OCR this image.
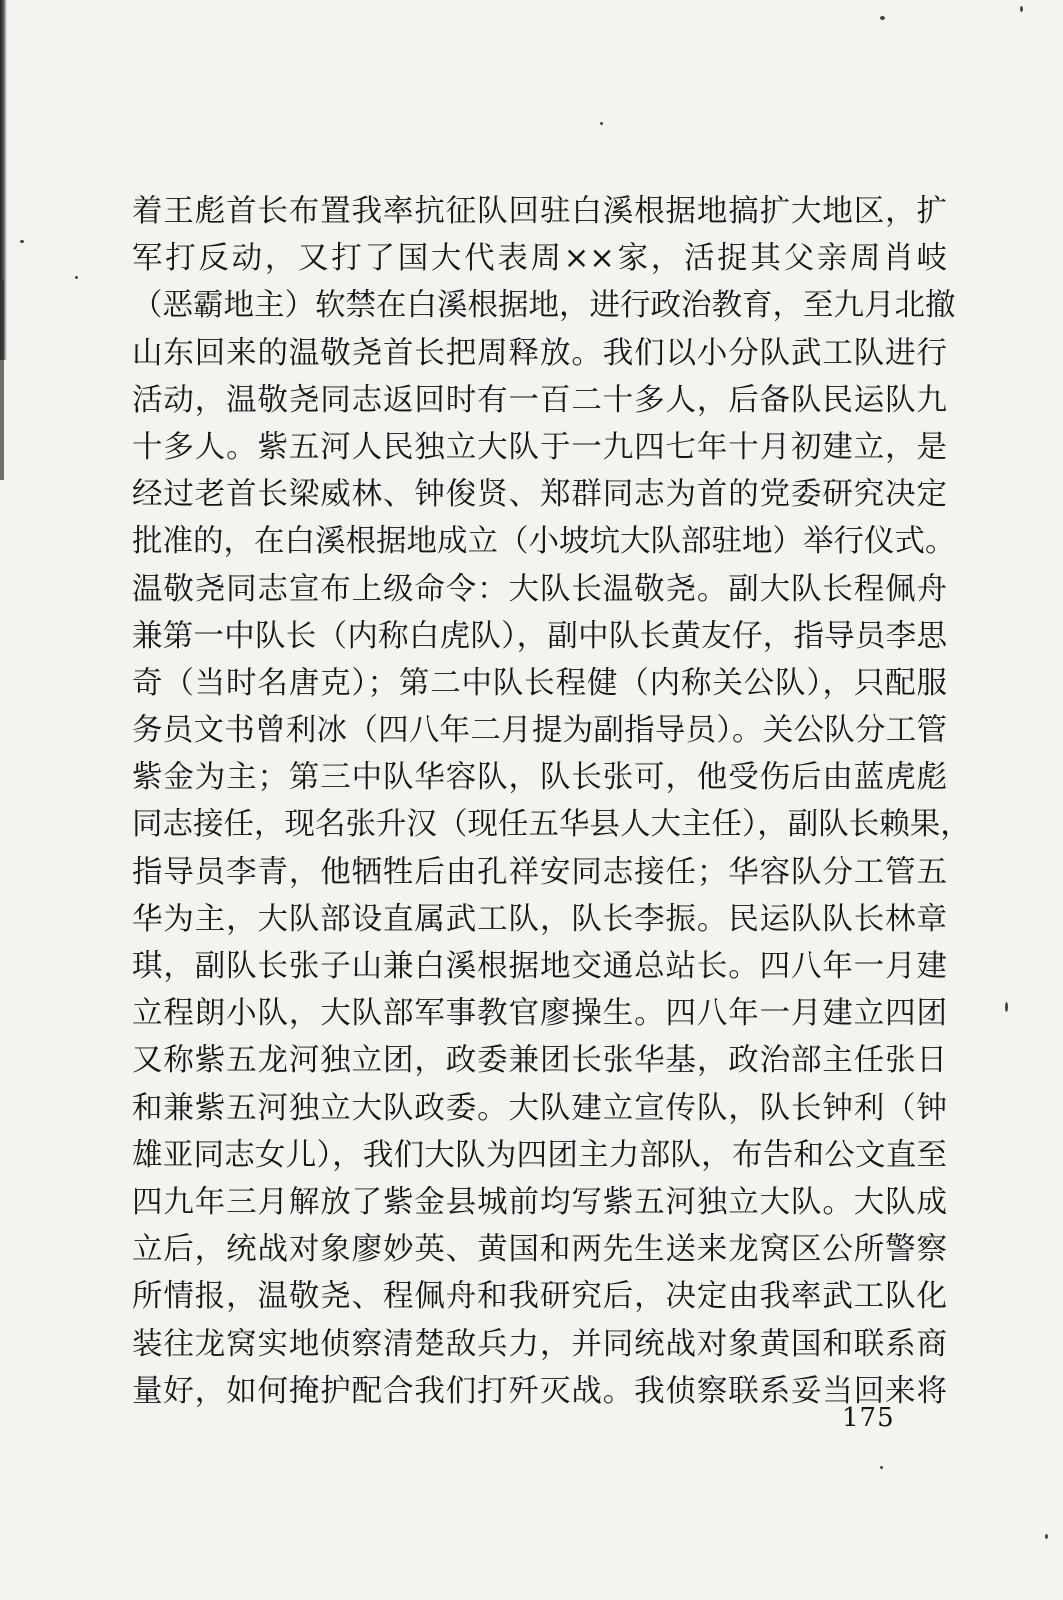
着王彪首长布置我率抗征队回驻白溪根据地搞扩大地区，扩
军打反动，又打了国大代表周××家，活捉其父亲周肖岐
（恶霸地主）软禁在白溪根据地，进行政治教育，至九月北撤
山东回来的温敬尧首长把周释放。我们以小分队武工队进行
活动，温敬尧同志返回时有一百二十多人，后备队民运队九
十多人。紫五河人民独立大队于一九四七年十月初建立，是
经过老首长梁威林、钟俊贤、郑群同志为首的党委研究决定
批准的，在白溪根据地成立（小坡坑大队部驻地）举行仪式。
温敬尧同志宣布上级命令：大队长温敬尧。副大队长程佩舟
兼第一中队长（内称白虎队），副中队长黄友仔，指导员李思
奇（当时名唐克）；第二中队长程健（内称关公队），只配服
务员文书曾利冰（四八年二月提为副指导员）。关公队分工管
紫金为主；第三中队华容队，队长张可，他受伤后由蓝虎彪
同志接任，现名张升汉（现任五华县人大主任），副队长赖果，
指导员李青，他牺牲后由孔祥安同志接任；华容队分工管五
华为主，大队部设直属武工队，队长李振。民运队队长林章
琪，副队长张子山兼白溪根据地交通总站长。四八年一月建
立程朗小队，大队部军事教官廖操生。四八年一月建立四团
又称紫五龙河独立团，政委兼团长张华基，政治部主任张日
和兼紫五河独立大队政委。大队建立宣传队，队长钟利（钟
雄亚同志女儿），我们大队为四团主力部队，布告和公文直至
四九年三月解放了紫金县城前均写紫五河独立大队。大队成
立后，统战对象廖妙英、黄国和两先生送来龙窝区公所警察
所情报，温敬尧、程佩舟和我研究后，决定由我率武工队化
装往龙窝实地侦察清楚敌兵力，并同统战对象黄国和联系商
量好，如何掩护配合我们打歼灭战。我侦察联系妥当回来将
175
